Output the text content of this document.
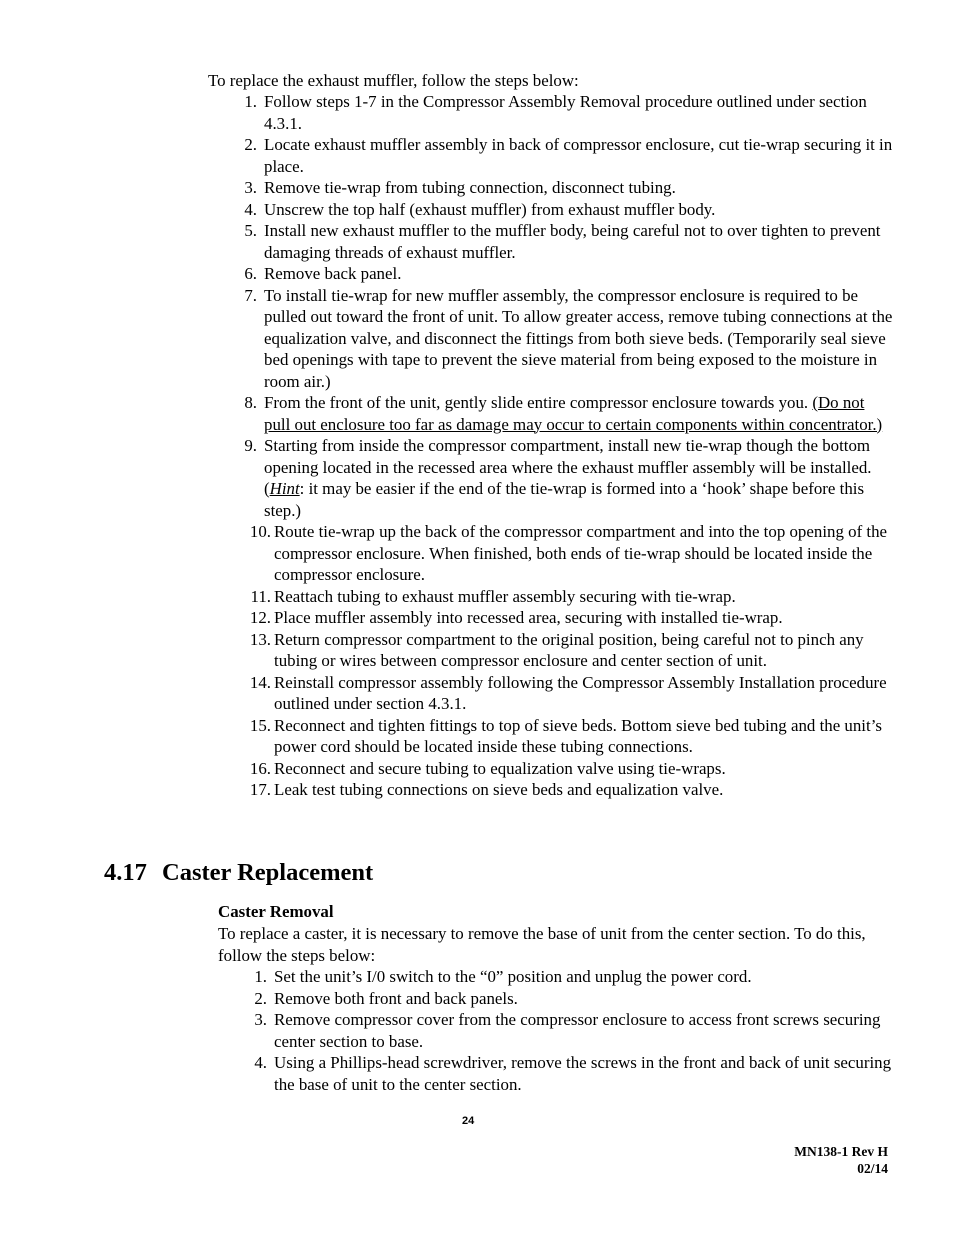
To replace the exhaust muffler, follow the steps below:
1. Follow steps 1-7 in the Compressor Assembly Removal procedure outlined under section 4.3.1.
2. Locate exhaust muffler assembly in back of compressor enclosure, cut tie-wrap securing it in place.
3. Remove tie-wrap from tubing connection, disconnect tubing.
4. Unscrew the top half (exhaust muffler) from exhaust muffler body.
5. Install new exhaust muffler to the muffler body, being careful not to over tighten to prevent damaging threads of exhaust muffler.
6. Remove back panel.
7. To install tie-wrap for new muffler assembly, the compressor enclosure is required to be pulled out toward the front of unit. To allow greater access, remove tubing connections at the equalization valve, and disconnect the fittings from both sieve beds. (Temporarily seal sieve bed openings with tape to prevent the sieve material from being exposed to the moisture in room air.)
8. From the front of the unit, gently slide entire compressor enclosure towards you. (Do not pull out enclosure too far as damage may occur to certain components within concentrator.)
9. Starting from inside the compressor compartment, install new tie-wrap though the bottom opening located in the recessed area where the exhaust muffler assembly will be installed. (Hint: it may be easier if the end of the tie-wrap is formed into a ‘hook’ shape before this step.)
10. Route tie-wrap up the back of the compressor compartment and into the top opening of the compressor enclosure. When finished, both ends of tie-wrap should be located inside the compressor enclosure.
11. Reattach tubing to exhaust muffler assembly securing with tie-wrap.
12. Place muffler assembly into recessed area, securing with installed tie-wrap.
13. Return compressor compartment to the original position, being careful not to pinch any tubing or wires between compressor enclosure and center section of unit.
14. Reinstall compressor assembly following the Compressor Assembly Installation procedure outlined under section 4.3.1.
15. Reconnect and tighten fittings to top of sieve beds. Bottom sieve bed tubing and the unit’s power cord should be located inside these tubing connections.
16. Reconnect and secure tubing to equalization valve using tie-wraps.
17. Leak test tubing connections on sieve beds and equalization valve.
4.17 Caster Replacement
Caster Removal
To replace a caster, it is necessary to remove the base of unit from the center section. To do this, follow the steps below:
1. Set the unit’s I/0 switch to the “0” position and unplug the power cord.
2. Remove both front and back panels.
3. Remove compressor cover from the compressor enclosure to access front screws securing center section to base.
4. Using a Phillips-head screwdriver, remove the screws in the front and back of unit securing the base of unit to the center section.
24
MN138-1 Rev H
02/14
